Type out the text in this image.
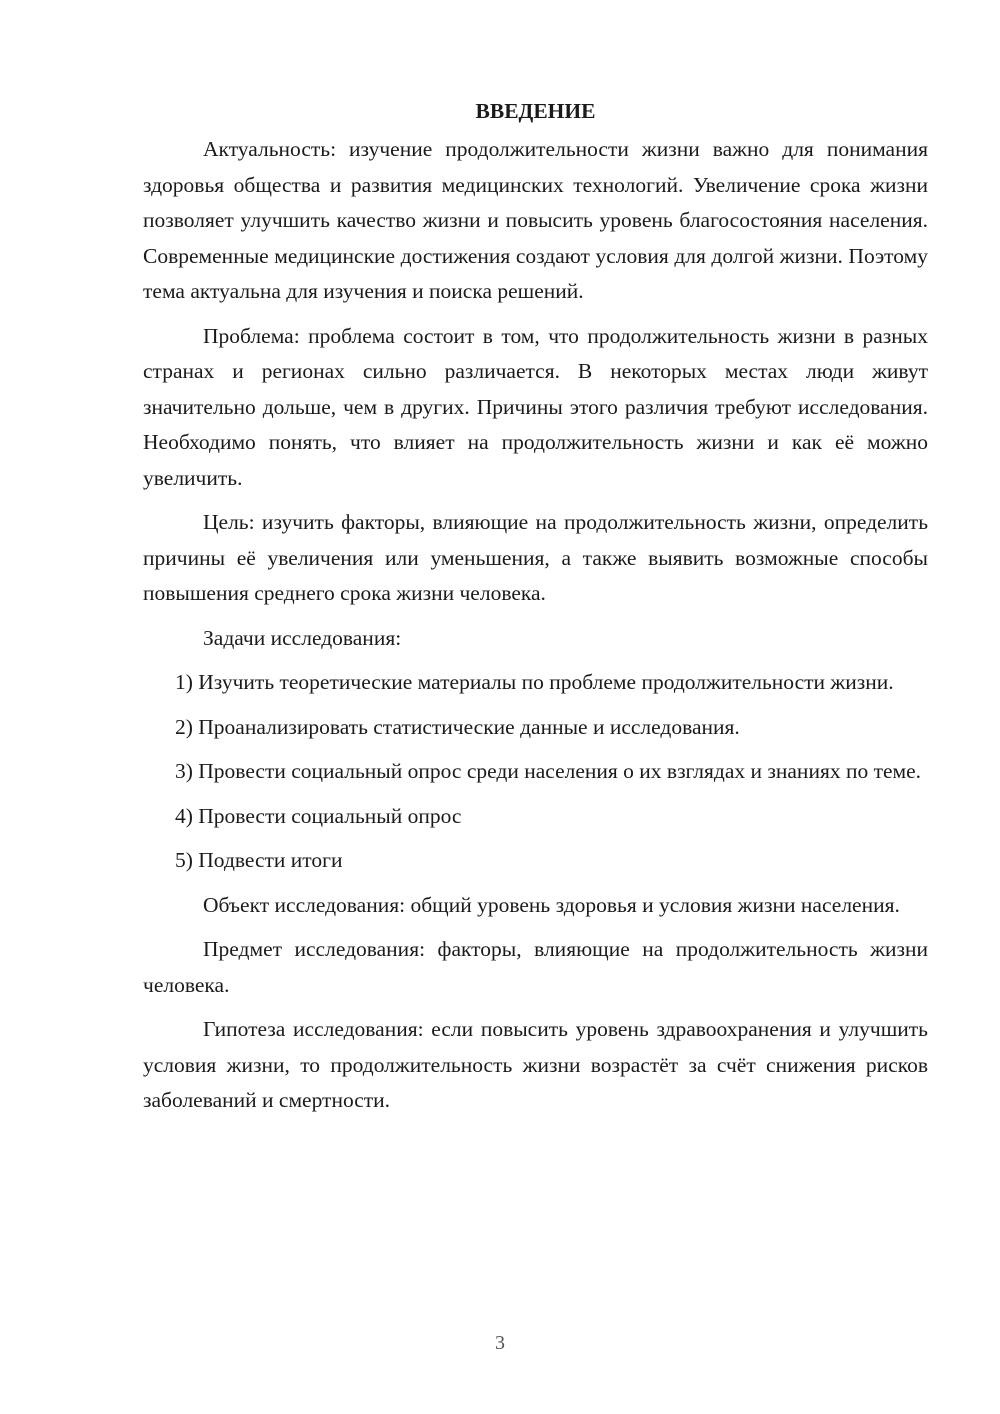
ВВЕДЕНИЕ

Актуальность: изучение продолжительности жизни важно для понимания здоровья общества и развития медицинских технологий. Увеличение срока жизни позволяет улучшить качество жизни и повысить уровень благосостояния населения. Современные медицинские достижения создают условия для долгой жизни. Поэтому тема актуальна для изучения и поиска решений.

Проблема: проблема состоит в том, что продолжительность жизни в разных странах и регионах сильно различается. В некоторых местах люди живут значительно дольше, чем в других. Причины этого различия требуют исследования. Необходимо понять, что влияет на продолжительность жизни и как её можно увеличить.

Цель: изучить факторы, влияющие на продолжительность жизни, определить причины её увеличения или уменьшения, а также выявить возможные способы повышения среднего срока жизни человека.

Задачи исследования:

1) Изучить теоретические материалы по проблеме продолжительности жизни.

2) Проанализировать статистические данные и исследования.

3) Провести социальный опрос среди населения о их взглядах и знаниях по теме.

4) Провести социальный опрос

5) Подвести итоги

Объект исследования: общий уровень здоровья и условия жизни населения.

Предмет исследования: факторы, влияющие на продолжительность жизни человека.

Гипотеза исследования: если повысить уровень здравоохранения и улучшить условия жизни, то продолжительность жизни возрастёт за счёт снижения рисков заболеваний и смертности.

3
